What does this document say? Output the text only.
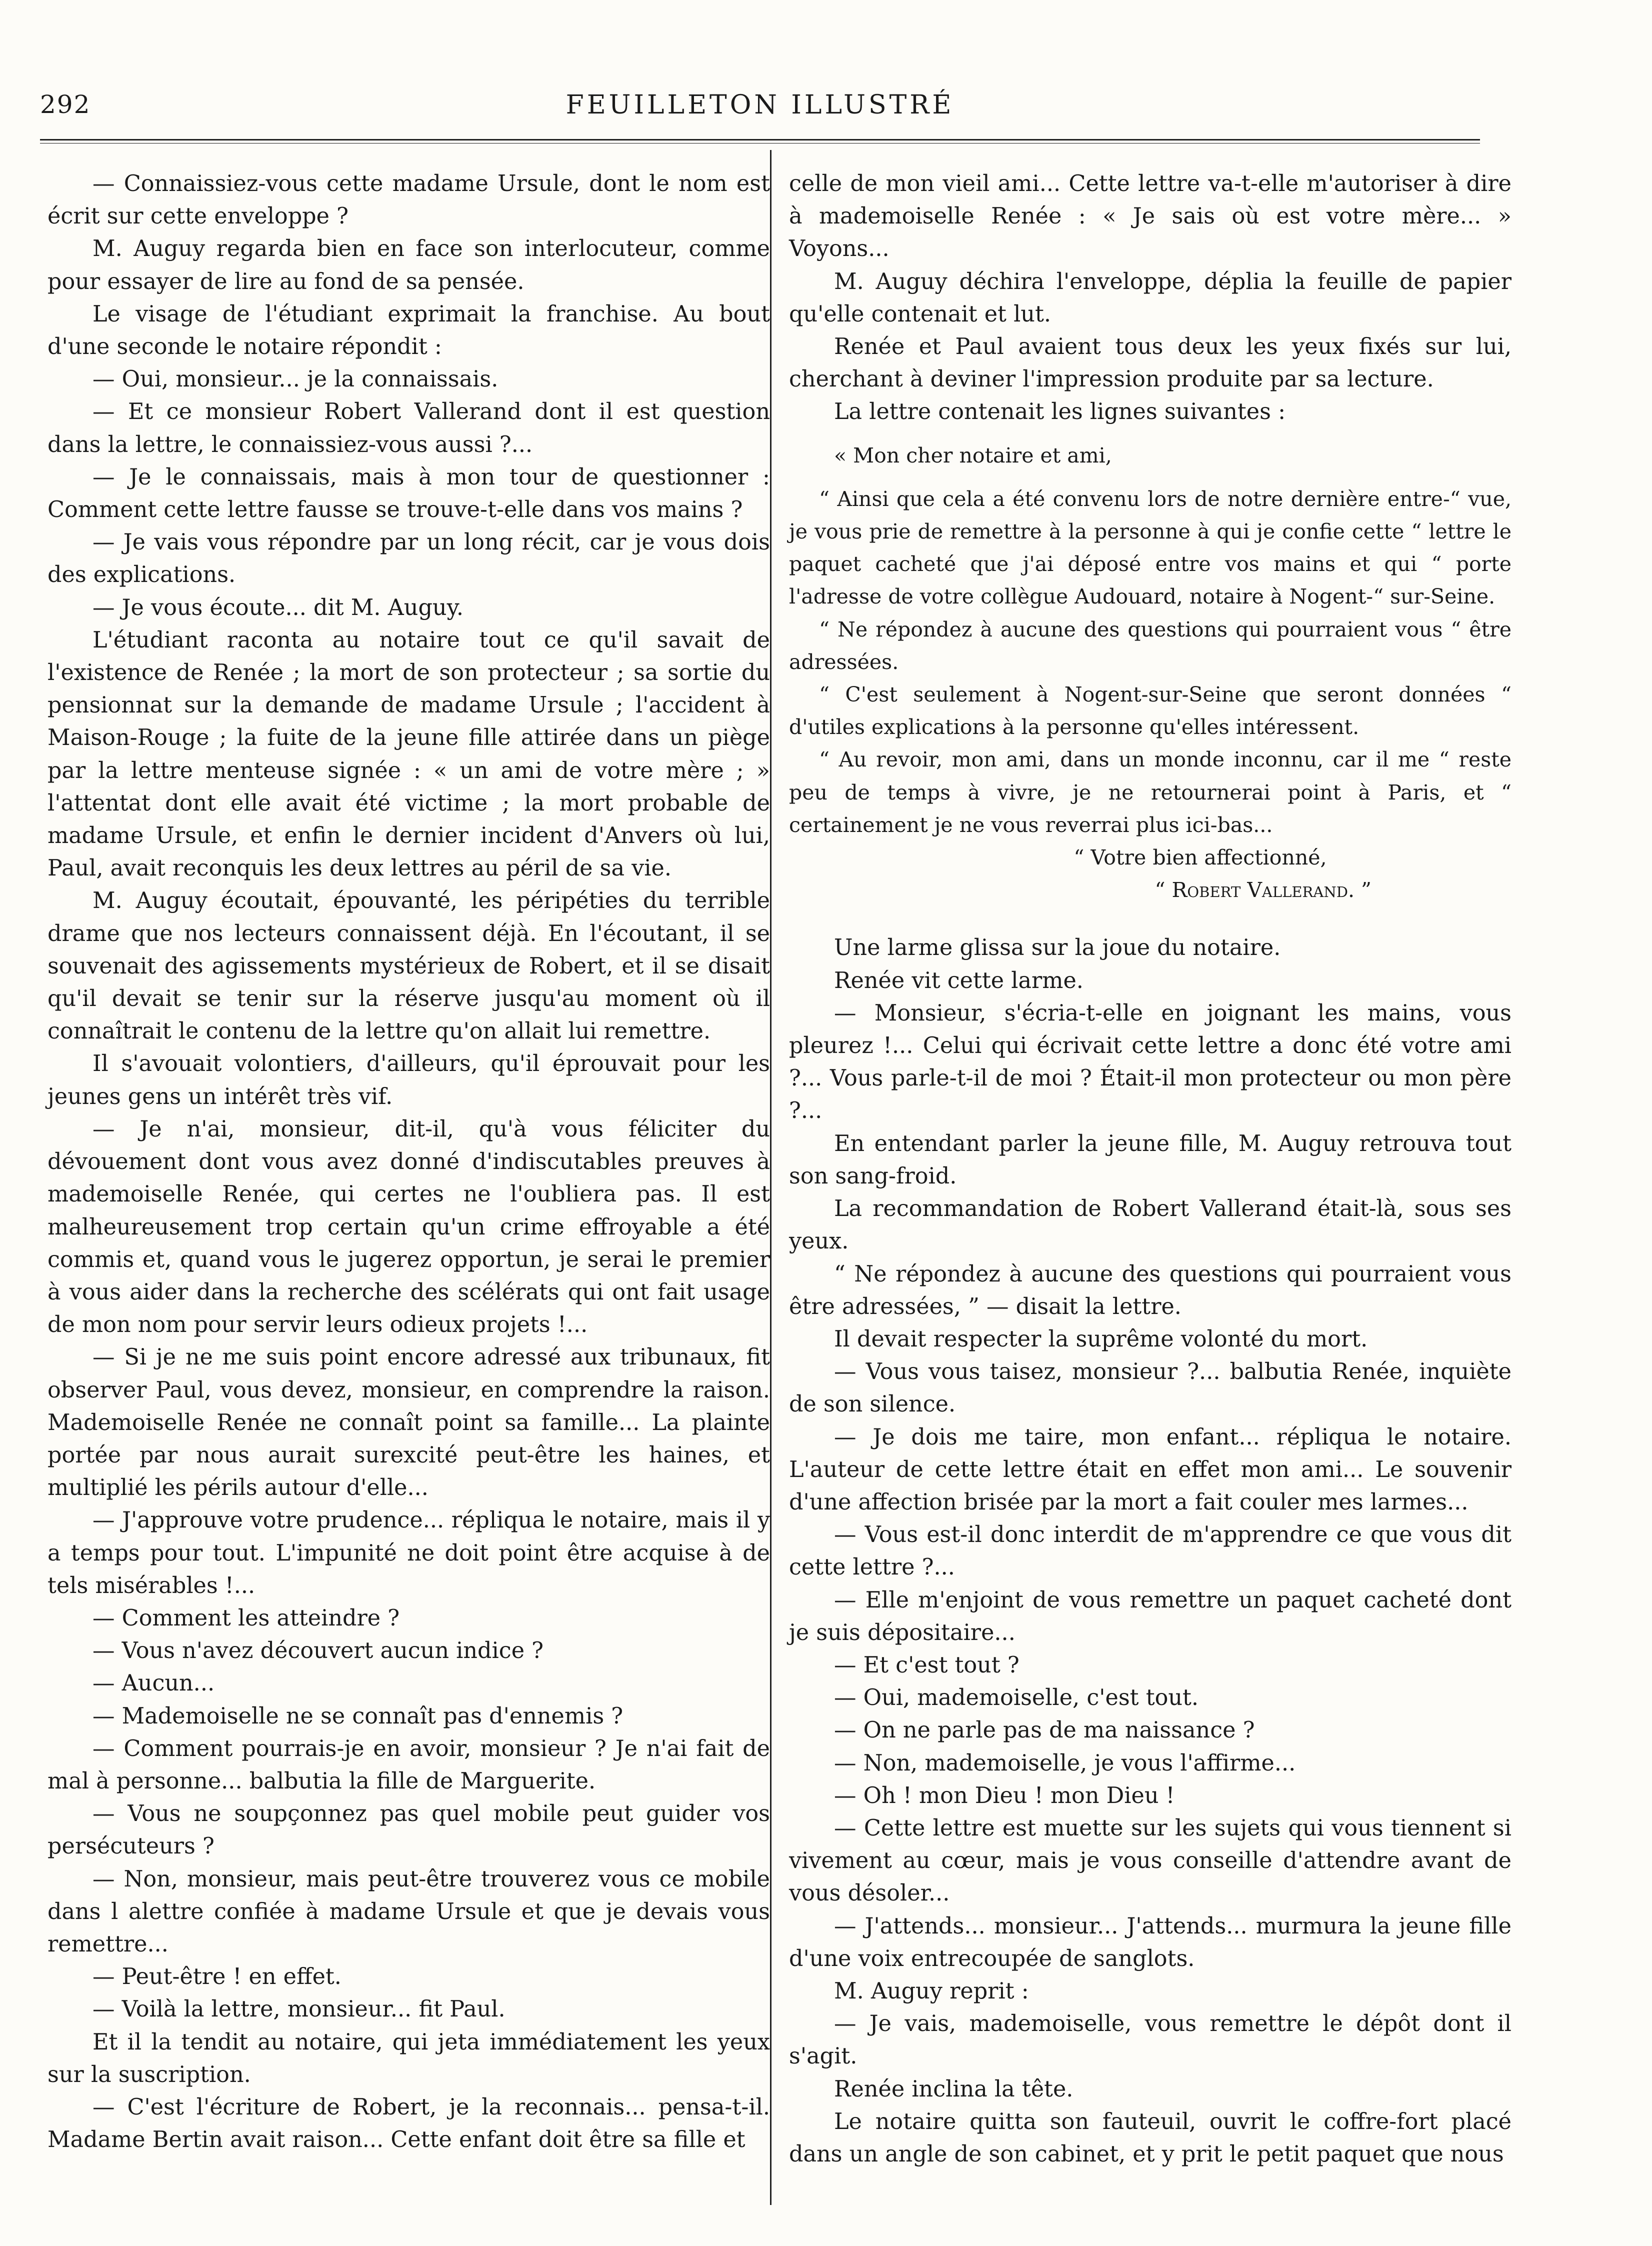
292	FEUILLETON ILLUSTRÉ

— Connaissiez-vous cette madame Ursule, dont le nom est écrit sur cette enveloppe ?

M. Auguy regarda bien en face son interlocuteur, comme pour essayer de lire au fond de sa pensée.

Le visage de l'étudiant exprimait la franchise. Au bout d'une seconde le notaire répondit :

— Oui, monsieur... je la connaissais.

— Et ce monsieur Robert Vallerand dont il est question dans la lettre, le connaissiez-vous aussi ?...

— Je le connaissais, mais à mon tour de questionner : Comment cette lettre fausse se trouve-t-elle dans vos mains ?

— Je vais vous répondre par un long récit, car je vous dois des explications.

— Je vous écoute... dit M. Auguy.

L'étudiant raconta au notaire tout ce qu'il savait de l'existence de Renée ; la mort de son protecteur ; sa sortie du pensionnat sur la demande de madame Ursule ; l'accident à Maison-Rouge ; la fuite de la jeune fille attirée dans un piège par la lettre menteuse signée : « un ami de votre mère ; » l'attentat dont elle avait été victime ; la mort probable de madame Ursule, et enfin le dernier incident d'Anvers où lui, Paul, avait reconquis les deux lettres au péril de sa vie.

M. Auguy écoutait, épouvanté, les péripéties du terrible drame que nos lecteurs connaissent déjà. En l'écoutant, il se souvenait des agissements mystérieux de Robert, et il se disait qu'il devait se tenir sur la réserve jusqu'au moment où il connaîtrait le contenu de la lettre qu'on allait lui remettre.

Il s'avouait volontiers, d'ailleurs, qu'il éprouvait pour les jeunes gens un intérêt très vif.

— Je n'ai, monsieur, dit-il, qu'à vous féliciter du dévouement dont vous avez donné d'indiscutables preuves à mademoiselle Renée, qui certes ne l'oubliera pas. Il est malheureusement trop certain qu'un crime effroyable a été commis et, quand vous le jugerez opportun, je serai le premier à vous aider dans la recherche des scélérats qui ont fait usage de mon nom pour servir leurs odieux projets !...

— Si je ne me suis point encore adressé aux tribunaux, fit observer Paul, vous devez, monsieur, en comprendre la raison. Mademoiselle Renée ne connaît point sa famille... La plainte portée par nous aurait surexcité peut-être les haines, et multiplié les périls autour d'elle...

— J'approuve votre prudence... répliqua le notaire, mais il y a temps pour tout. L'impunité ne doit point être acquise à de tels misérables !...

— Comment les atteindre ?

— Vous n'avez découvert aucun indice ?

— Aucun...

— Mademoiselle ne se connaît pas d'ennemis ?

— Comment pourrais-je en avoir, monsieur ? Je n'ai fait de mal à personne... balbutia la fille de Marguerite.

— Vous ne soupçonnez pas quel mobile peut guider vos persécuteurs ?

— Non, monsieur, mais peut-être trouverez vous ce mobile dans l alettre confiée à madame Ursule et que je devais vous remettre...

— Peut-être ! en effet.

— Voilà la lettre, monsieur... fit Paul.

Et il la tendit au notaire, qui jeta immédiatement les yeux sur la suscription.

— C'est l'écriture de Robert, je la reconnais... pensa-t-il. Madame Bertin avait raison... Cette enfant doit être sa fille et

celle de mon vieil ami... Cette lettre va-t-elle m'autoriser à dire à mademoiselle Renée : « Je sais où est votre mère... » Voyons...

M. Auguy déchira l'enveloppe, déplia la feuille de papier qu'elle contenait et lut.

Renée et Paul avaient tous deux les yeux fixés sur lui, cherchant à deviner l'impression produite par sa lecture.

La lettre contenait les lignes suivantes :

« Mon cher notaire et ami,

“ Ainsi que cela a été convenu lors de notre dernière entre-“ vue, je vous prie de remettre à la personne à qui je confie cette “ lettre le paquet cacheté que j'ai déposé entre vos mains et qui “ porte l'adresse de votre collègue Audouard, notaire à Nogent-“ sur-Seine.

“ Ne répondez à aucune des questions qui pourraient vous “ être adressées.

“ C'est seulement à Nogent-sur-Seine que seront données “ d'utiles explications à la personne qu'elles intéressent.

“ Au revoir, mon ami, dans un monde inconnu, car il me “ reste peu de temps à vivre, je ne retournerai point à Paris, et “ certainement je ne vous reverrai plus ici-bas...

“ Votre bien affectionné,

“ Robert Vallerand. ”

Une larme glissa sur la joue du notaire.

Renée vit cette larme.

— Monsieur, s'écria-t-elle en joignant les mains, vous pleurez !... Celui qui écrivait cette lettre a donc été votre ami ?... Vous parle-t-il de moi ? Était-il mon protecteur ou mon père ?...

En entendant parler la jeune fille, M. Auguy retrouva tout son sang-froid.

La recommandation de Robert Vallerand était-là, sous ses yeux.

“ Ne répondez à aucune des questions qui pourraient vous être adressées, ” — disait la lettre.

Il devait respecter la suprême volonté du mort.

— Vous vous taisez, monsieur ?... balbutia Renée, inquiète de son silence.

— Je dois me taire, mon enfant... répliqua le notaire. L'auteur de cette lettre était en effet mon ami... Le souvenir d'une affection brisée par la mort a fait couler mes larmes...

— Vous est-il donc interdit de m'apprendre ce que vous dit cette lettre ?...

— Elle m'enjoint de vous remettre un paquet cacheté dont je suis dépositaire...

— Et c'est tout ?

— Oui, mademoiselle, c'est tout.

— On ne parle pas de ma naissance ?

— Non, mademoiselle, je vous l'affirme...

— Oh ! mon Dieu ! mon Dieu !

— Cette lettre est muette sur les sujets qui vous tiennent si vivement au cœur, mais je vous conseille d'attendre avant de vous désoler...

— J'attends... monsieur... J'attends... murmura la jeune fille d'une voix entrecoupée de sanglots.

M. Auguy reprit :

— Je vais, mademoiselle, vous remettre le dépôt dont il s'agit.

Renée inclina la tête.

Le notaire quitta son fauteuil, ouvrit le coffre-fort placé dans un angle de son cabinet, et y prit le petit paquet que nous
